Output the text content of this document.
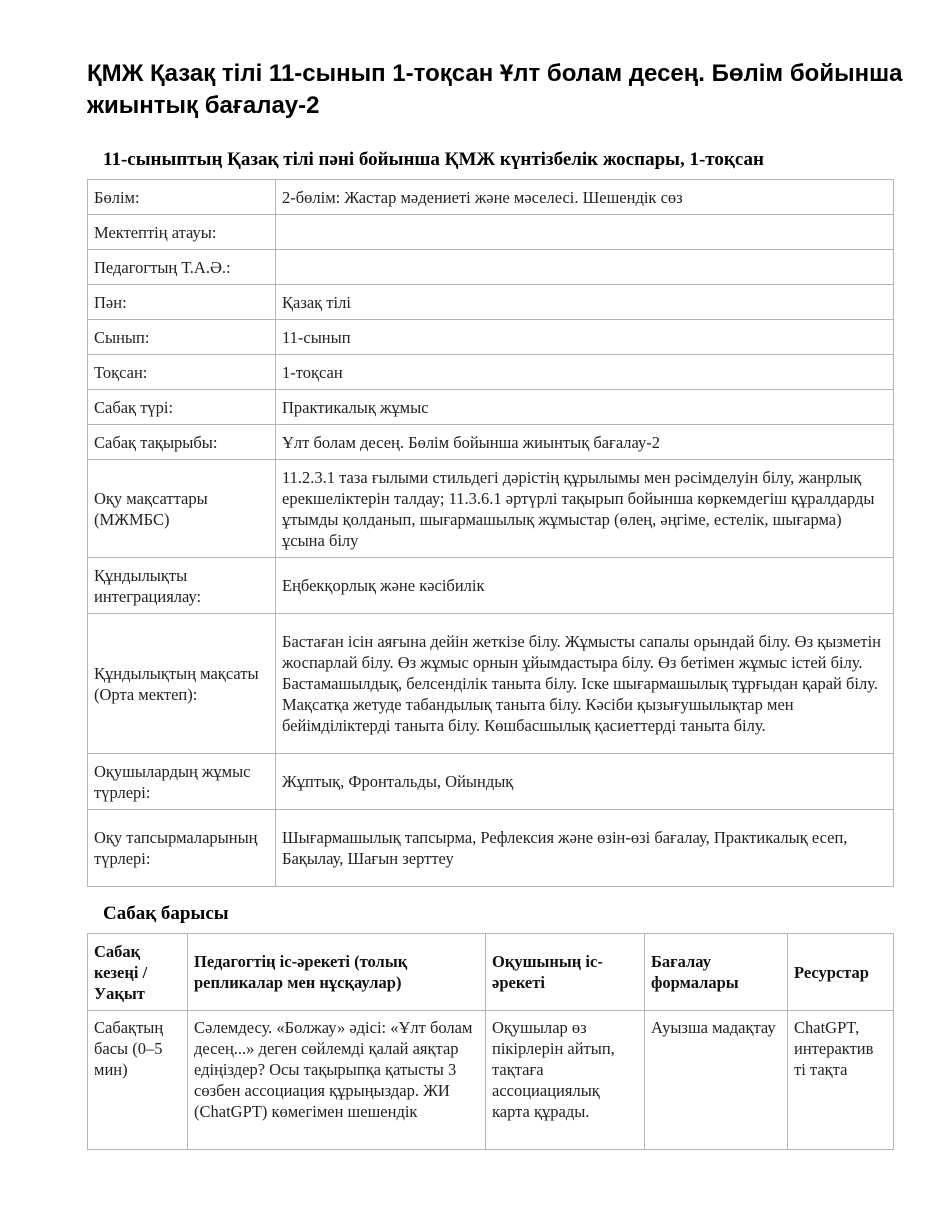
ҚМЖ Қазақ тілі 11-сынып 1-тоқсан Ұлт болам десең. Бөлім бойынша жиынтық бағалау-2
11-сыныптың Қазақ тілі пәні бойынша ҚМЖ күнтізбелік жоспары, 1-тоқсан
Бөлім:	2-бөлім: Жастар мәдениеті және мәселесі. Шешендік сөз
Мектептің атауы:	
Педагогтың Т.А.Ә.:	
Пән:	Қазақ тілі
Сынып:	11-сынып
Тоқсан:	1-тоқсан
Сабақ түрі:	Практикалық жұмыс
Сабақ тақырыбы:	Ұлт болам десең. Бөлім бойынша жиынтық бағалау-2
Оқу мақсаттары (МЖМБС)	11.2.3.1 таза ғылыми стильдегі дәрістің құрылымы мен рәсімделуін білу, жанрлық ерекшеліктерін талдау; 11.3.6.1 әртүрлі тақырып бойынша көркемдегіш құралдарды ұтымды қолданып, шығармашылық жұмыстар (өлең, әңгіме, естелік, шығарма) ұсына білу
Құндылықты интеграциялау:	Еңбекқорлық және кәсібилік
Құндылықтың мақсаты (Орта мектеп):	Бастаған ісін аяғына дейін жеткізе білу. Жұмысты сапалы орындай білу. Өз қызметін жоспарлай білу. Өз жұмыс орнын ұйымдастыра білу. Өз бетімен жұмыс істей білу. Бастамашылдық, белсенділік таныта білу. Іске шығармашылық тұрғыдан қарай білу. Мақсатқа жетуде табандылық таныта білу. Кәсіби қызығушылықтар мен бейімділіктерді таныта білу. Көшбасшылық қасиеттерді таныта білу.
Оқушылардың жұмыс түрлері:	Жұптық, Фронтальды, Ойындық
Оқу тапсырмаларының түрлері:	Шығармашылық тапсырма, Рефлексия және өзін-өзі бағалау, Практикалық есеп, Бақылау, Шағын зерттеу
Сабақ барысы
Сабақ кезеңі / Уақыт	Педагогтің іс-әрекеті (толық репликалар мен нұсқаулар)	Оқушының іс-әрекеті	Бағалау формалары	Ресурстар

Сабақтың басы (0–5 мин)	Сәлемдесу. «Болжау» әдісі: «Ұлт болам десең...» деген сөйлемді қалай аяқтар едіңіздер? Осы тақырыпқа қатысты 3 сөзбен ассоциация құрыңыздар. ЖИ (ChatGPT) көмегімен шешендік	Оқушылар өз пікірлерін айтып, тақтаға ассоциациялық карта құрады.	Ауызша мадақтау	ChatGPT, интерактив ті тақта
